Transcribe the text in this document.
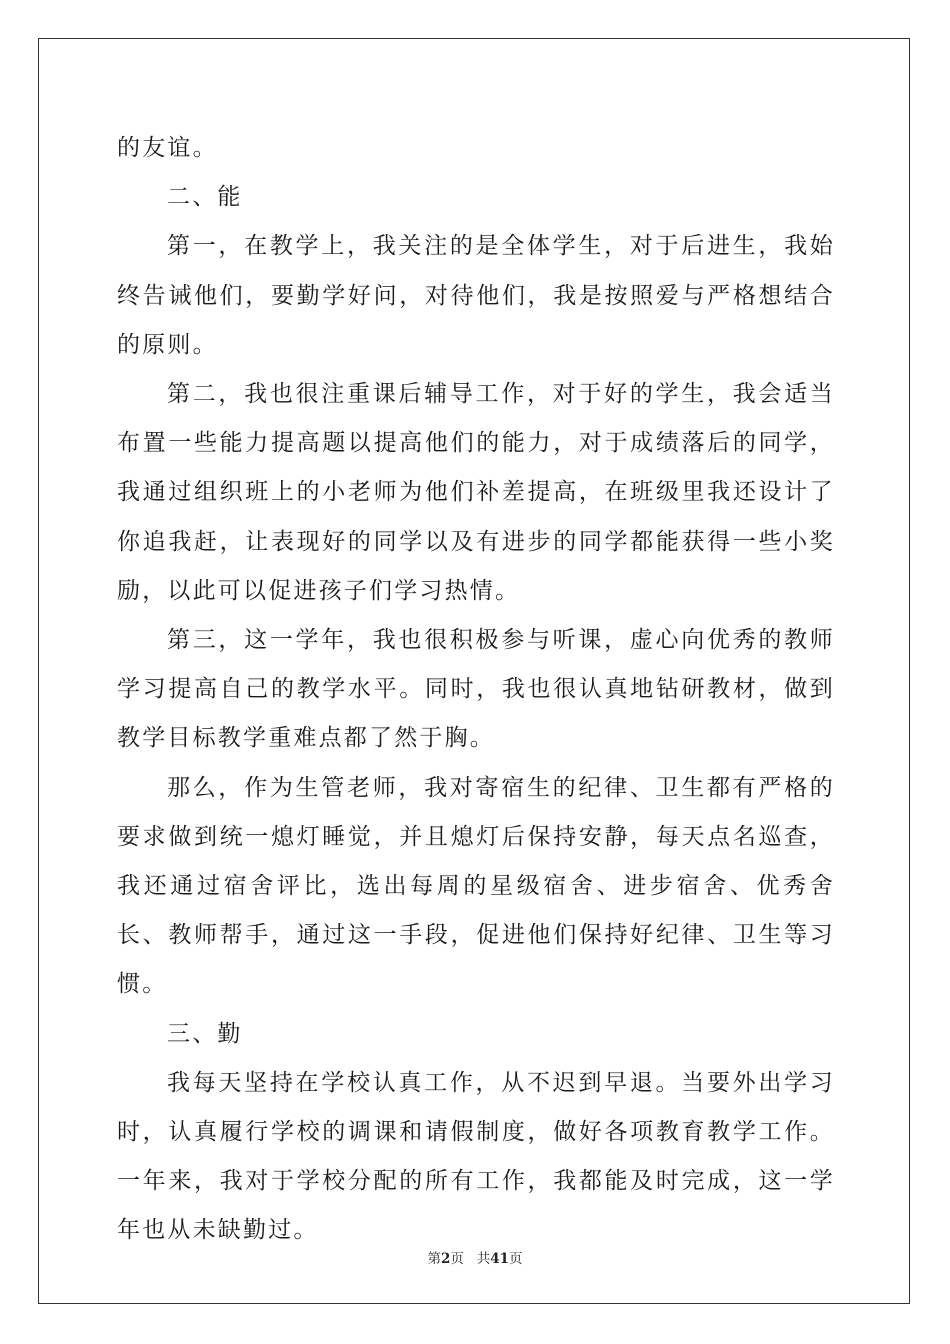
的友谊。

二、能

第一，在教学上，我关注的是全体学生，对于后进生，我始终告诫他们，要勤学好问，对待他们，我是按照爱与严格想结合的原则。

第二，我也很注重课后辅导工作，对于好的学生，我会适当布置一些能力提高题以提高他们的能力，对于成绩落后的同学，我通过组织班上的小老师为他们补差提高，在班级里我还设计了你追我赶，让表现好的同学以及有进步的同学都能获得一些小奖励，以此可以促进孩子们学习热情。

第三，这一学年，我也很积极参与听课，虚心向优秀的教师学习提高自己的教学水平。同时，我也很认真地钻研教材，做到教学目标教学重难点都了然于胸。

那么，作为生管老师，我对寄宿生的纪律、卫生都有严格的要求做到统一熄灯睡觉，并且熄灯后保持安静，每天点名巡查，我还通过宿舍评比，选出每周的星级宿舍、进步宿舍、优秀舍长、教师帮手，通过这一手段，促进他们保持好纪律、卫生等习惯。

三、勤

我每天坚持在学校认真工作，从不迟到早退。当要外出学习时，认真履行学校的调课和请假制度，做好各项教育教学工作。一年来，我对于学校分配的所有工作，我都能及时完成，这一学年也从未缺勤过。

第2页 共41页
